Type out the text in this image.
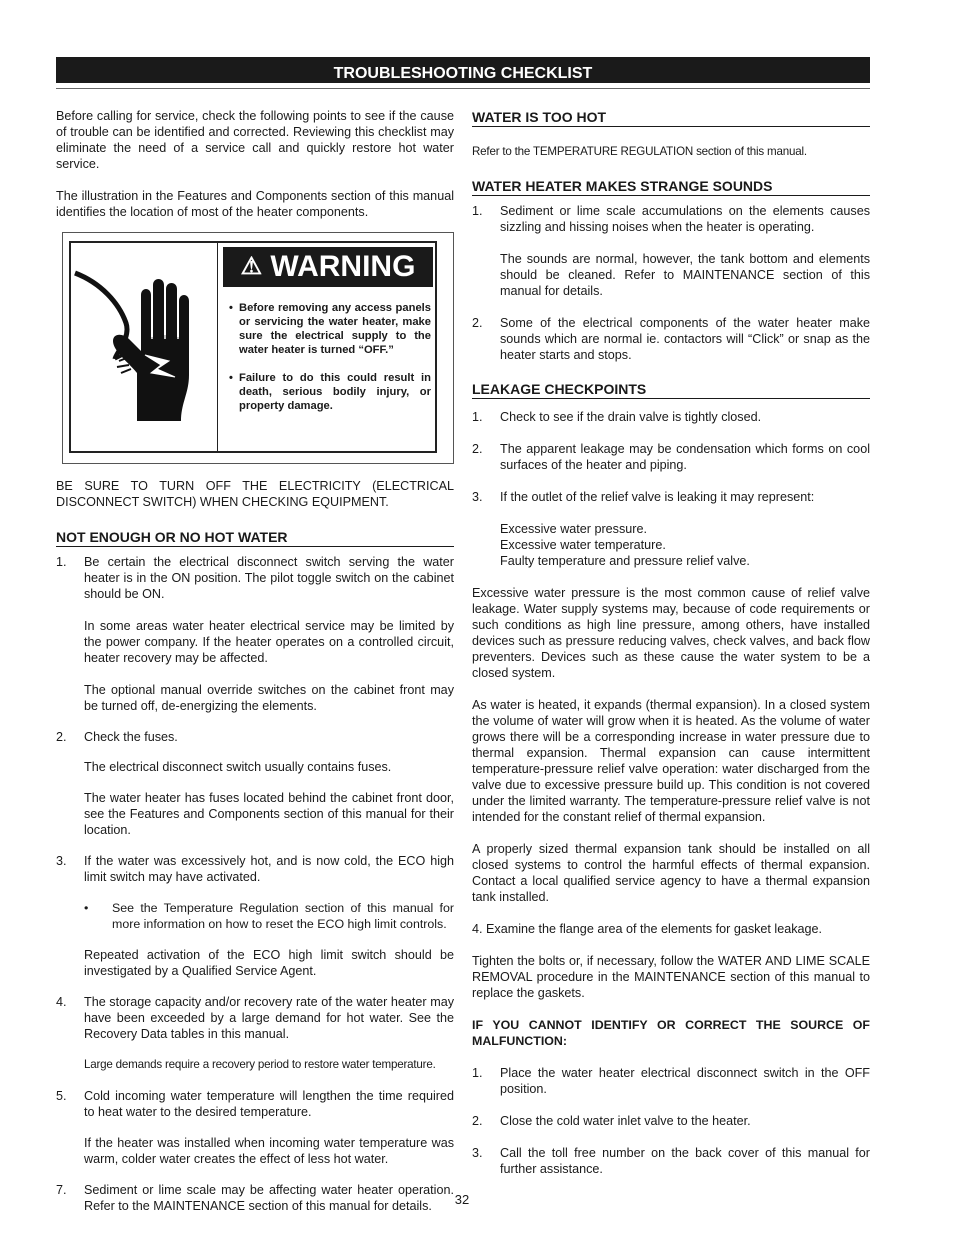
TROUBLESHOOTING CHECKLIST

Before calling for service, check the following points to see if the cause of trouble can be identified and corrected. Reviewing this checklist may eliminate the need of a service call and quickly restore hot water service.

The illustration in the Features and Components section of this manual identifies the location of most of the heater components.

⚠ WARNING
• Before removing any access panels or servicing the water heater, make sure the electrical supply to the water heater is turned “OFF.”
• Failure to do this could result in death, serious bodily injury, or property damage.

BE SURE TO TURN OFF THE ELECTRICITY (ELECTRICAL DISCONNECT SWITCH) WHEN CHECKING EQUIPMENT.

NOT ENOUGH OR NO HOT WATER
1. Be certain the electrical disconnect switch serving the water heater is in the ON position. The pilot toggle switch on the cabinet should be ON.

In some areas water heater electrical service may be limited by the power company. If the heater operates on a controlled circuit, heater recovery may be affected.

The optional manual override switches on the cabinet front may be turned off, de-energizing the elements.

2. Check the fuses.

The electrical disconnect switch usually contains fuses.

The water heater has fuses located behind the cabinet front door, see the Features and Components section of this manual for their location.

3. If the water was excessively hot, and is now cold, the ECO high limit switch may have activated.
• See the Temperature Regulation section of this manual for more information on how to reset the ECO high limit controls.

Repeated activation of the ECO high limit switch should be investigated by a Qualified Service Agent.

4. The storage capacity and/or recovery rate of the water heater may have been exceeded by a large demand for hot water. See the Recovery Data tables in this manual.

Large demands require a recovery period to restore water temperature.

5. Cold incoming water temperature will lengthen the time required to heat water to the desired temperature.

If the heater was installed when incoming water temperature was warm, colder water creates the effect of less hot water.

7. Sediment or lime scale may be affecting water heater operation. Refer to the MAINTENANCE section of this manual for details.
WATER IS TOO HOT

Refer to the TEMPERATURE REGULATION section of this manual.

WATER HEATER MAKES STRANGE SOUNDS
1. Sediment or lime scale accumulations on the elements causes sizzling and hissing noises when the heater is operating.

The sounds are normal, however, the tank bottom and elements should be cleaned. Refer to MAINTENANCE section of this manual for details.

2. Some of the electrical components of the water heater make sounds which are normal ie. contactors will “Click” or snap as the heater starts and stops.
LEAKAGE CHECKPOINTS
1. Check to see if the drain valve is tightly closed.
2. The apparent leakage may be condensation which forms on cool surfaces of the heater and piping.
3. If the outlet of the relief valve is leaking it may represent:

Excessive water pressure.

Excessive water temperature.

Faulty temperature and pressure relief valve.

Excessive water pressure is the most common cause of relief valve leakage. Water supply systems may, because of code requirements or such conditions as high line pressure, among others, have installed devices such as pressure reducing valves, check valves, and back flow preventers. Devices such as these cause the water system to be a closed system.

As water is heated, it expands (thermal expansion). In a closed system the volume of water will grow when it is heated. As the volume of water grows there will be a corresponding increase in water pressure due to thermal expansion. Thermal expansion can cause intermittent temperature-pressure relief valve operation: water discharged from the valve due to excessive pressure build up. This condition is not covered under the limited warranty. The temperature-pressure relief valve is not intended for the constant relief of thermal expansion.

A properly sized thermal expansion tank should be installed on all closed systems to control the harmful effects of thermal expansion. Contact a local qualified service agency to have a thermal expansion tank installed.

4. Examine the flange area of the elements for gasket leakage.

Tighten the bolts or, if necessary, follow the WATER AND LIME SCALE REMOVAL procedure in the MAINTENANCE section of this manual to replace the gaskets.

IF YOU CANNOT IDENTIFY OR CORRECT THE SOURCE OF MALFUNCTION:

1. Place the water heater electrical disconnect switch in the OFF position.
2. Close the cold water inlet valve to the heater.
3. Call the toll free number on the back cover of this manual for further assistance.
32
